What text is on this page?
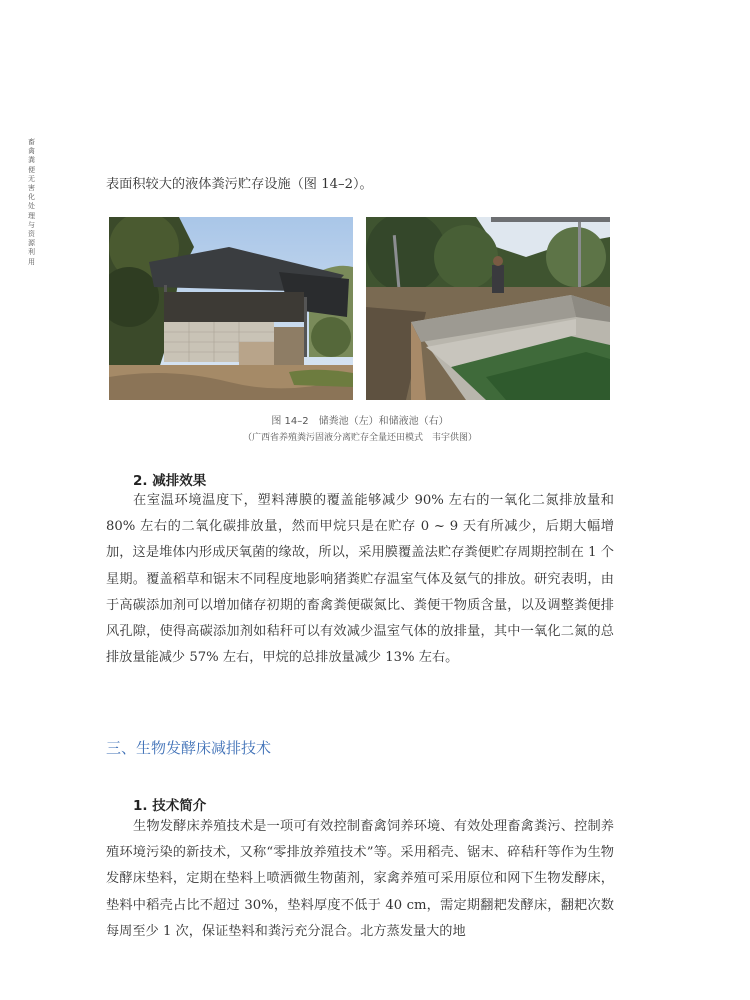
畜禽粪便无害化处理与资源利用
表面积较大的液体粪污贮存设施（图 14–2）。
图 14–2　储粪池（左）和储液池（右）
（广西省养殖粪污固液分离贮存全量还田模式　韦宇供图）
2. 减排效果
在室温环境温度下，塑料薄膜的覆盖能够减少 90% 左右的一氧化二氮排放量和 80% 左右的二氧化碳排放量，然而甲烷只是在贮存 0 ~ 9 天有所减少，后期大幅增加，这是堆体内形成厌氧菌的缘故，所以，采用膜覆盖法贮存粪便贮存周期控制在 1 个星期。覆盖稻草和锯末不同程度地影响猪粪贮存温室气体及氨气的排放。研究表明，由于高碳添加剂可以增加储存初期的畜禽粪便碳氮比、粪便干物质含量，以及调整粪便排风孔隙，使得高碳添加剂如秸秆可以有效减少温室气体的放排量，其中一氧化二氮的总排放量能减少 57% 左右，甲烷的总排放量减少 13% 左右。
三、生物发酵床减排技术
1. 技术简介
生物发酵床养殖技术是一项可有效控制畜禽饲养环境、有效处理畜禽粪污、控制养殖环境污染的新技术，又称“零排放养殖技术”等。采用稻壳、锯末、碎秸秆等作为生物发酵床垫料，定期在垫料上喷洒微生物菌剂，家禽养殖可采用原位和网下生物发酵床，垫料中稻壳占比不超过 30%，垫料厚度不低于 40 cm，需定期翻耙发酵床，翻耙次数每周至少 1 次，保证垫料和粪污充分混合。北方蒸发量大的地
